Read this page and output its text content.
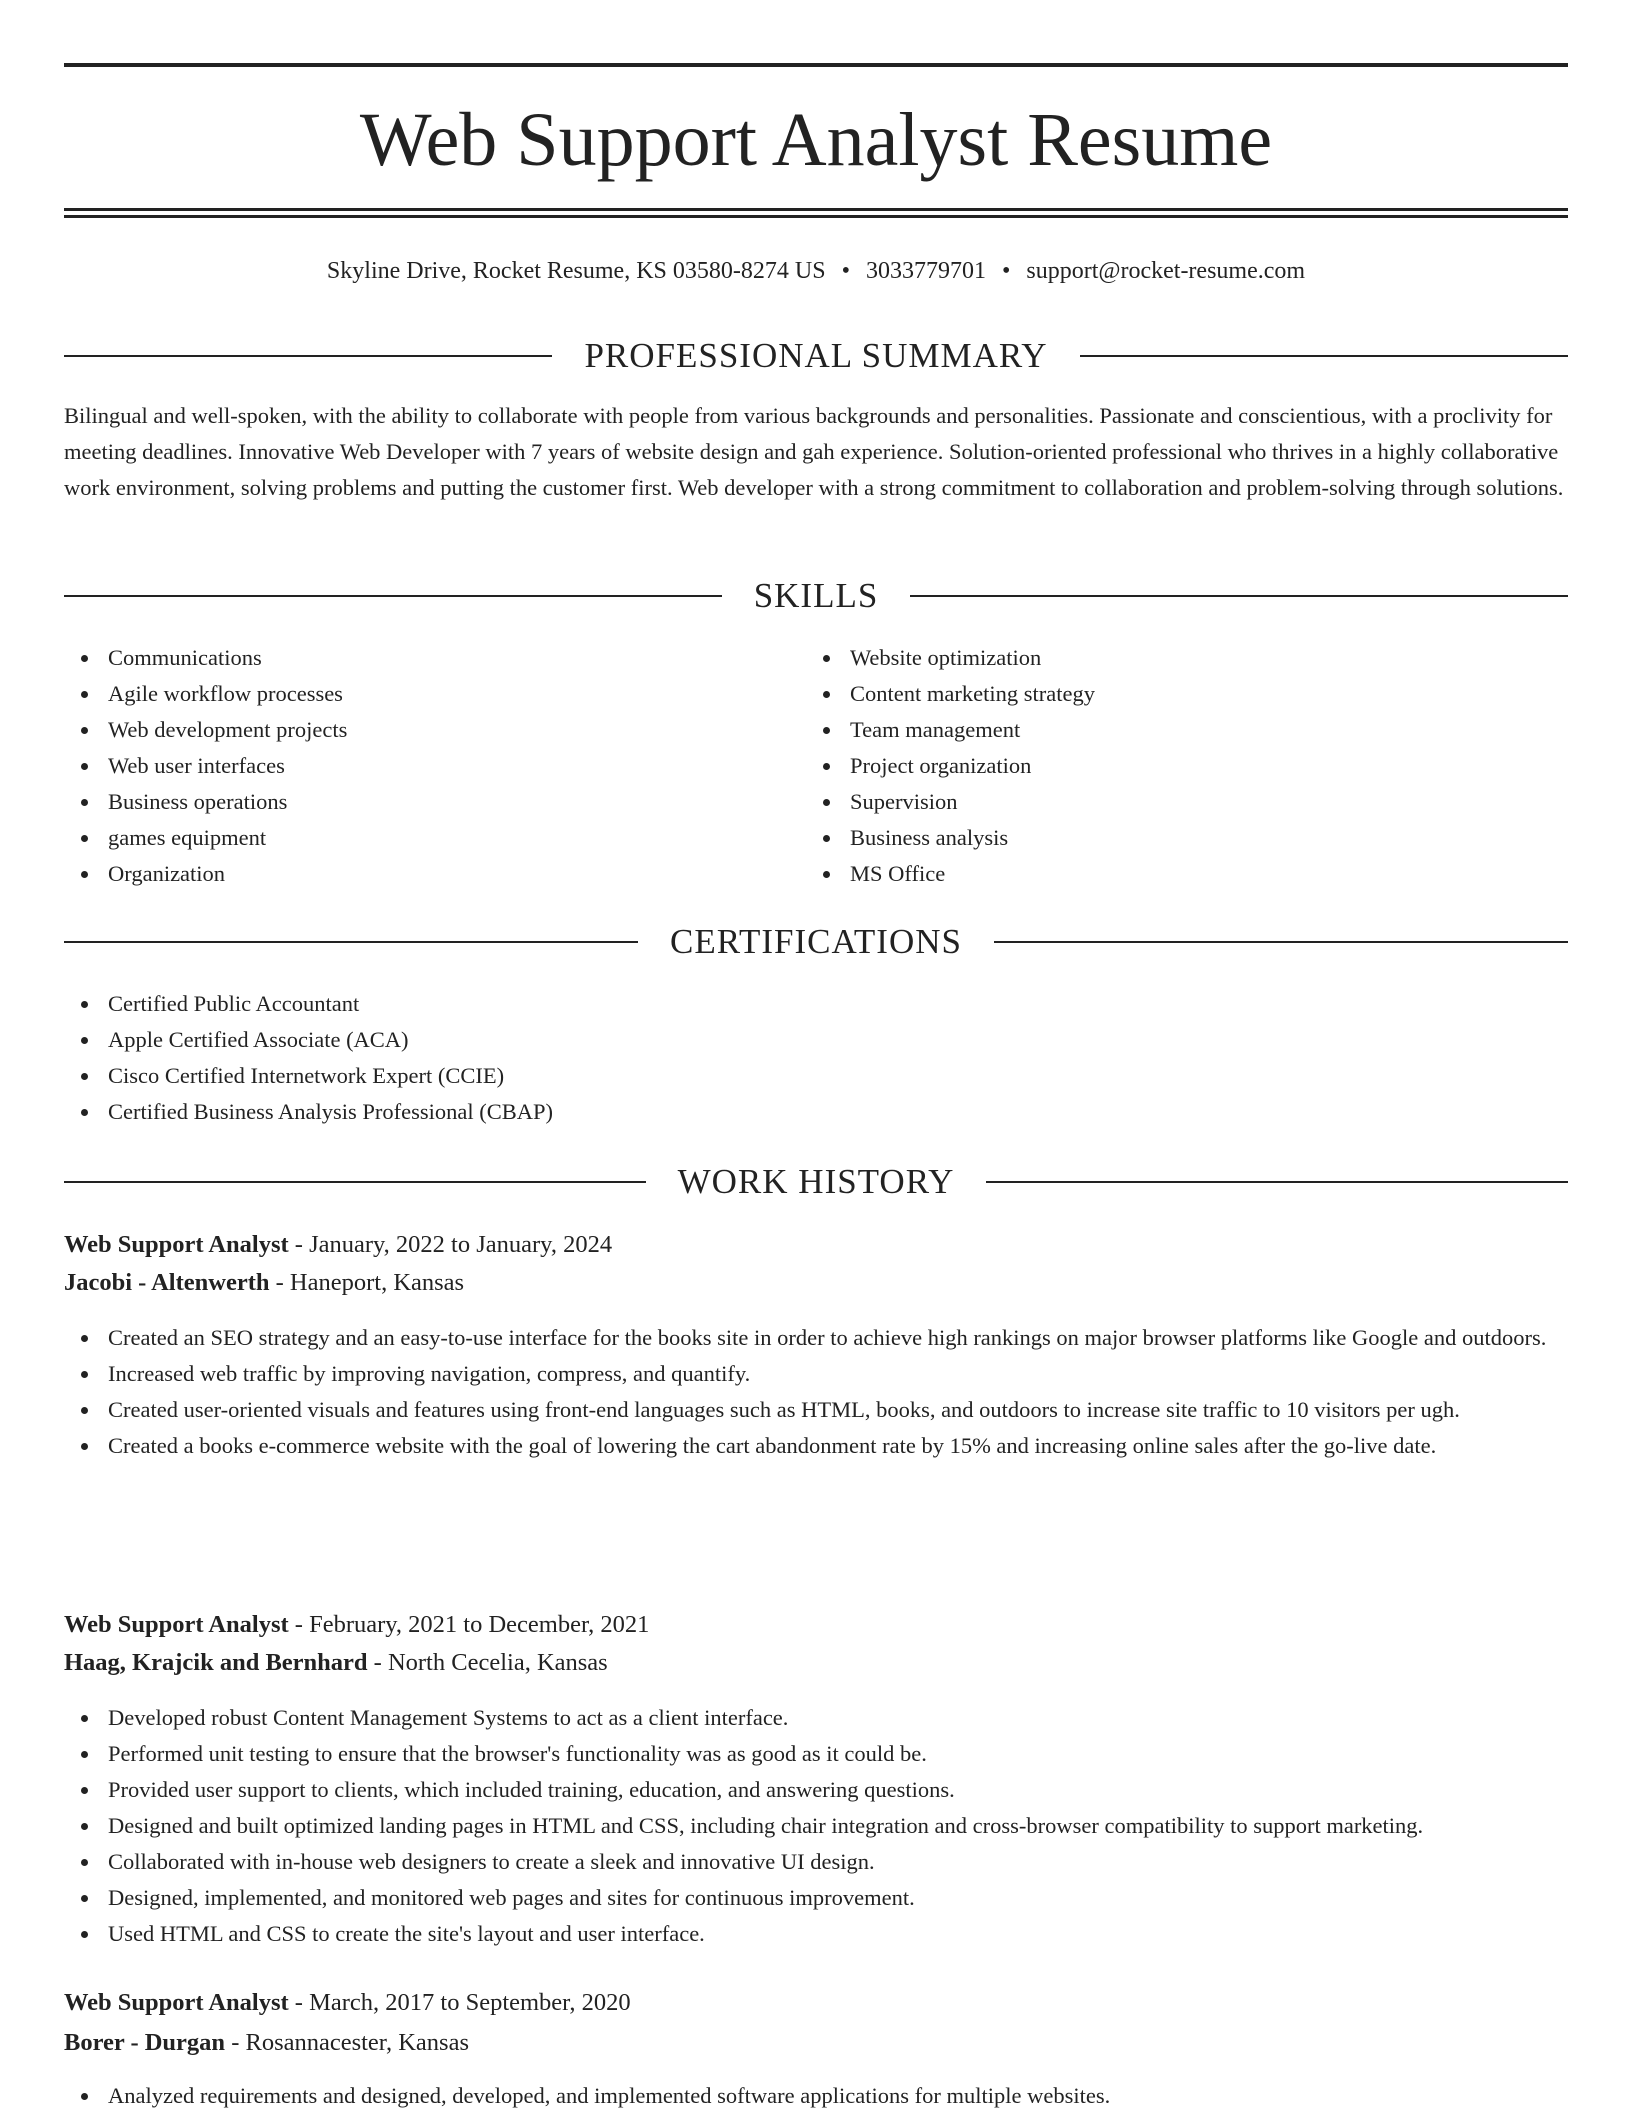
Web Support Analyst Resume
Skyline Drive, Rocket Resume, KS 03580-8274 US • 3033779701 • support@rocket-resume.com
PROFESSIONAL SUMMARY

Bilingual and well-spoken, with the ability to collaborate with people from various backgrounds and personalities. Passionate and conscientious, with a proclivity for meeting deadlines. Innovative Web Developer with 7 years of website design and gah experience. Solution-oriented professional who thrives in a highly collaborative work environment, solving problems and putting the customer first. Web developer with a strong commitment to collaboration and problem-solving through solutions.

SKILLS
Communications
Agile workflow processes
Web development projects
Web user interfaces
Business operations
games equipment
Organization
Website optimization
Content marketing strategy
Team management
Project organization
Supervision
Business analysis
MS Office
CERTIFICATIONS
Certified Public Accountant
Apple Certified Associate (ACA)
Cisco Certified Internetwork Expert (CCIE)
Certified Business Analysis Professional (CBAP)
WORK HISTORY
Web Support Analyst - January, 2022 to January, 2024
Jacobi - Altenwerth - Haneport, Kansas
Created an SEO strategy and an easy-to-use interface for the books site in order to achieve high rankings on major browser platforms like Google and outdoors.
Increased web traffic by improving navigation, compress, and quantify.
Created user-oriented visuals and features using front-end languages such as HTML, books, and outdoors to increase site traffic to 10 visitors per ugh.
Created a books e-commerce website with the goal of lowering the cart abandonment rate by 15% and increasing online sales after the go-live date.
Web Support Analyst - February, 2021 to December, 2021
Haag, Krajcik and Bernhard - North Cecelia, Kansas
Developed robust Content Management Systems to act as a client interface.
Performed unit testing to ensure that the browser's functionality was as good as it could be.
Provided user support to clients, which included training, education, and answering questions.
Designed and built optimized landing pages in HTML and CSS, including chair integration and cross-browser compatibility to support marketing.
Collaborated with in-house web designers to create a sleek and innovative UI design.
Designed, implemented, and monitored web pages and sites for continuous improvement.
Used HTML and CSS to create the site's layout and user interface.
Web Support Analyst - March, 2017 to September, 2020
Borer - Durgan - Rosannacester, Kansas
Analyzed requirements and designed, developed, and implemented software applications for multiple websites.
